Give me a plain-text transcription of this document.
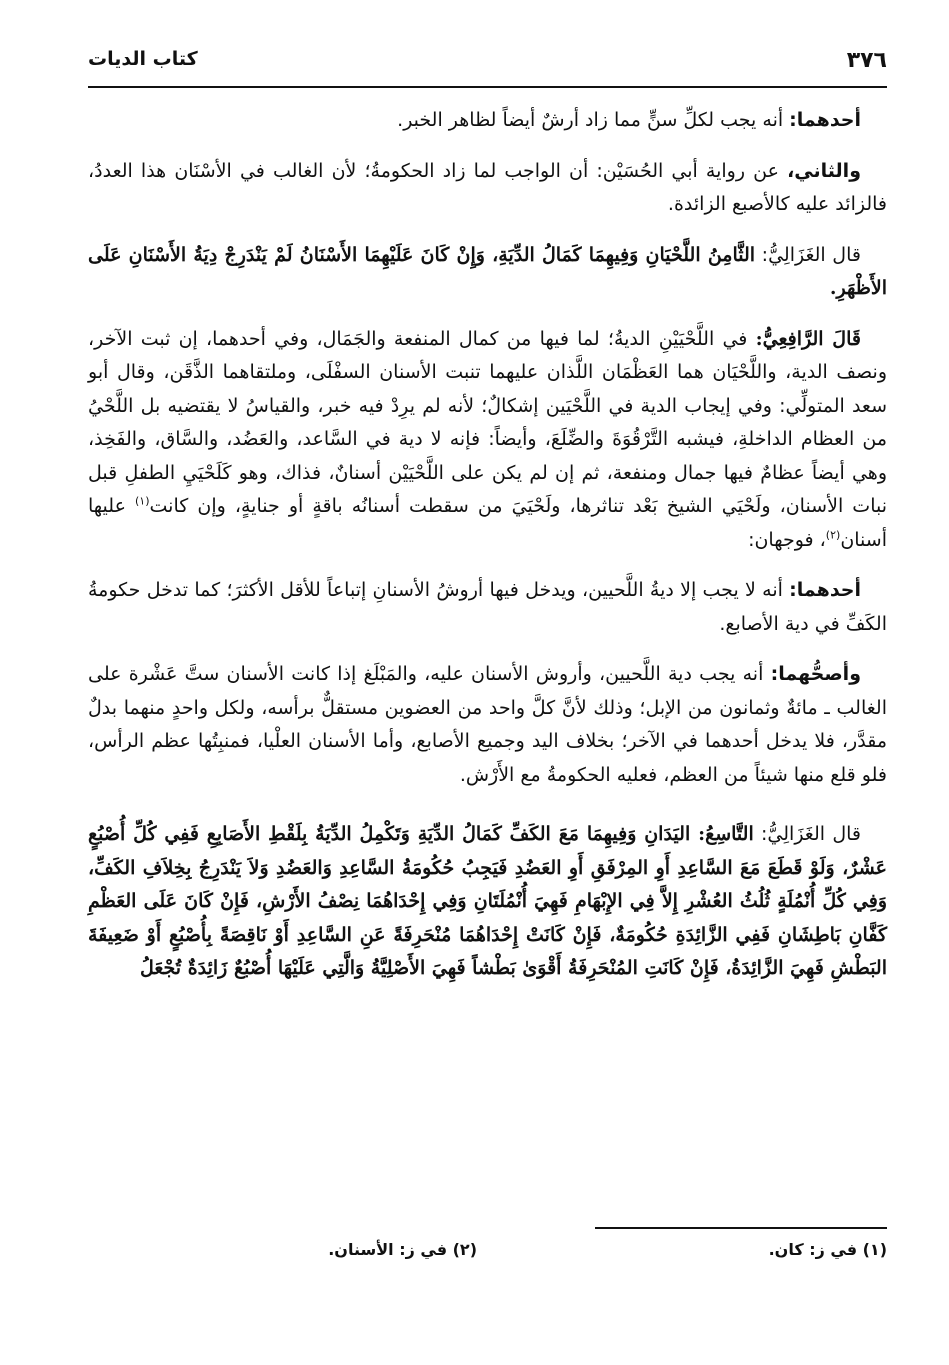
٣٧٦
كتاب الديات

أحدهما: أنه يجب لكلِّ سنٍّ مما زاد أرشٌ أيضاً لظاهر الخبر.

والثاني، عن رواية أبي الحُسَيْن: أن الواجب لما زاد الحكومةُ؛ لأن الغالب في الأسْنَان هذا العددُ، فالزائد عليه كالأصبع الزائدة.

قال الغَزَالِيُّ: الثَّامِنُ اللَّحْيَانِ وَفِيهِمَا كَمَالُ الدِّيَةِ، وَإِنْ كَانَ عَلَيْهِمَا الأَسْنَانُ لَمْ يَنْدَرِجْ دِيَةُ الأَسْنَانِ عَلَى الأَظْهَرِ.

قَالَ الرَّافِعِيُّ: في اللَّحْيَيْنِ الديةُ؛ لما فيها من كمال المنفعة والجَمَال، وفي أحدهما، إن ثبت الآخر، ونصف الدية، واللَّحْيَان هما العَظْمَان اللَّذان عليهما تنبت الأسنان السفْلَى، وملتقاهما الذَّقَن، وقال أبو سعد المتولِّي: وفي إيجاب الدية في اللَّحْيَين إشكالٌ؛ لأنه لم يرِدْ فيه خبر، والقياسُ لا يقتضيه بل اللَّحْيُ من العظام الداخلةِ، فيشبه التَّرْقُوَةَ والضِّلَعَ، وأيضاً: فإنه لا دية في السَّاعد، والعَضُد، والسَّاق، والفَخِذ، وهي أيضاً عظامٌ فيها جمال ومنفعة، ثم إن لم يكن على اللَّحْيَيْن أسنانٌ، فذاك، وهو كَلَحْيَيِ الطفلِ قبل نبات الأسنان، ولَحْيَي الشيخ بَعْد تناثرها، ولَحْيَيَ من سقطت أسنانُه باقةٍ أو جنايةٍ، وإن كانت$^{(١)}$ عليها أسنان$^{(٢)}$، فوجهان:

أحدهما: أنه لا يجب إلا ديةُ اللَّحيين، ويدخل فيها أروشُ الأسنانِ إتباعاً للأقل الأكثرَ؛ كما تدخل حكومةُ الكَفِّ في دية الأصابع.

وأصحُّهما: أنه يجب دية اللَّحيين، وأروش الأسنان عليه، والمَبْلَغ إذا كانت الأسنان ستَّ عَشْرة على الغالب ـ مائةٌ وثمانون من الإبل؛ وذلك لأنَّ كلَّ واحد من العضوين مستقلٌّ برأسه، ولكل واحدٍ منهما بدلٌ مقدَّر، فلا يدخل أحدهما في الآخر؛ بخلاف اليد وجميع الأصابع، وأما الأسنان العلْيا، فمنبِتُها عظم الرأس، فلو قلع منها شيئاً من العظم، فعليه الحكومةُ مع الأَرْش.

قال الغَزَالِيُّ: التَّاسِعُ: اليَدَانِ وَفِيهِمَا مَعَ الكَفِّ كَمَالُ الدِّيَةِ وَتَكْمِلُ الدِّيَةُ بِلَقْطِ الأَصَابِعِ فَفِي كُلِّ أُصْبُعٍ عَشْرٌ، وَلَوْ قَطَعَ مَعَ السَّاعِدِ أَوِ المِرْفَقِ أَوِ العَضُدِ فَيَجِبُ حُكُومَةُ السَّاعِدِ وَالعَضُدِ وَلاَ يَنْدَرِجُ بِخِلاَفِ الكَفِّ، وَفِي كُلِّ أُنْمُلَةٍ ثُلُثُ العُشْرِ إِلاَّ فِي الإِبْهَامِ فَهِيَ أُنْمُلَتَانِ وَفِي إِحْدَاهُمَا نِصْفُ الأَرْشِ، فَإِنْ كَانَ عَلَى العَظْمِ كَفَّانِ بَاطِشَانِ فَفِي الزَّائِدَةِ حُكُومَةٌ، فَإِنْ كَانَتْ إِحْدَاهُمَا مُنْحَرِفَةً عَنِ السَّاعِدِ أَوْ نَاقِصَةً بِأُصْبُعٍ أَوْ ضَعِيفَةَ البَطْشِ فَهِيَ الزَّائِدَةُ، فَإِنْ كَانَتِ المُنْحَرِفَةُ أَقْوَىٰ بَطْشاً فَهِيَ الأَصْلِيَّةُ وَالَّتِي عَلَيْهَا أُصْبُعٌ زَائِدَةٌ تُجْعَلُ

(١) في ز: كان.
(٢) في ز: الأسنان.
